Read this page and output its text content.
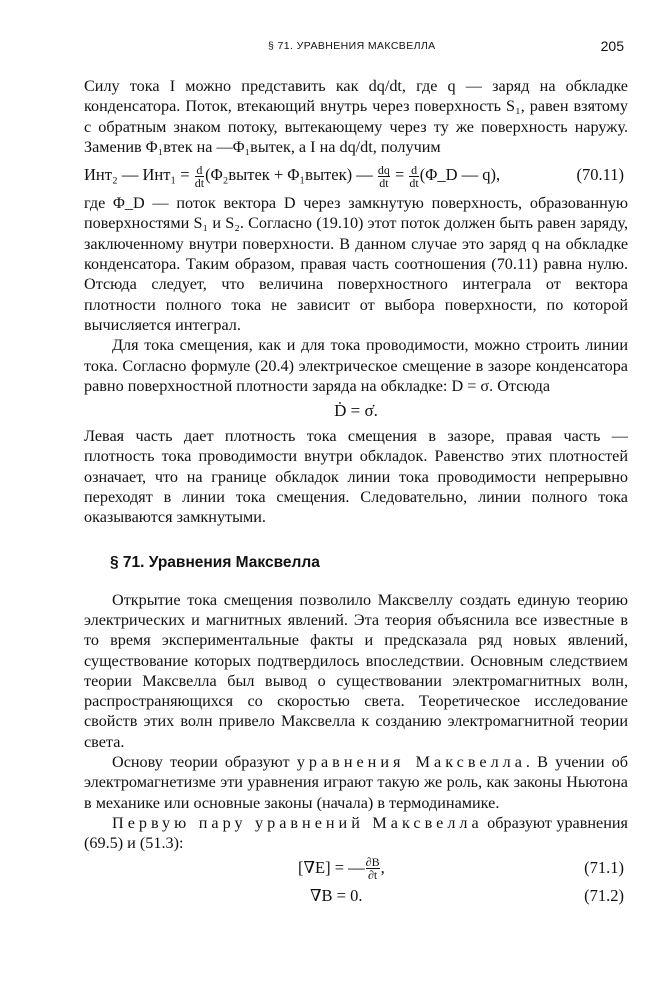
§ 71. УРАВНЕНИЯ МАКСВЕЛЛА	205

Силу тока I можно представить как dq/dt, где q — заряд на обкладке конденсатора. Поток, втекающий внутрь через поверхность S₁, равен взятому с обратным знаком потоку, вытекающему через ту же поверхность наружу. Заменив Φ₁втек на —Φ₁вытек, а I на dq/dt, получим

Инт₂ — $Инт_1 = \frac{d}{dt}$ (Φ₂вытек + Φ₁вытек) — $\frac{dq}{dt} = \frac{d}{dt}$ (Φ_D — q),	(70.11)

где Φ_D — поток вектора D через замкнутую поверхность, образованную поверхностями S₁ и S₂. Согласно (19.10) этот поток должен быть равен заряду, заключенному внутри поверхности. В данном случае это заряд q на обкладке конденсатора. Таким образом, правая часть соотношения (70.11) равна нулю. Отсюда следует, что величина поверхностного интеграла от вектора плотности полного тока не зависит от выбора поверхности, по которой вычисляется интеграл.

Для тока смещения, как и для тока проводимости, можно строить линии тока. Согласно формуле (20.4) электрическое смещение в зазоре конденсатора равно поверхностной плотности заряда на обкладке: D = σ. Отсюда

Ḋ = σ̇.

Левая часть дает плотность тока смещения в зазоре, правая часть — плотность тока проводимости внутри обкладок. Равенство этих плотностей означает, что на границе обкладок линии тока проводимости непрерывно переходят в линии тока смещения. Следовательно, линии полного тока оказываются замкнутыми.

§ 71. Уравнения Максвелла

Открытие тока смещения позволило Максвеллу создать единую теорию электрических и магнитных явлений. Эта теория объяснила все известные в то время экспериментальные факты и предсказала ряд новых явлений, существование которых подтвердилось впоследствии. Основным следствием теории Максвелла был вывод о существовании электромагнитных волн, распространяющихся со скоростью света. Теоретическое исследование свойств этих волн привело Максвелла к созданию электромагнитной теории света.

Основу теории образуют уравнения Максвелла. В учении об электромагнетизме эти уравнения играют такую же роль, как законы Ньютона в механике или основные законы (начала) в термодинамике.

Первую пару уравнений Максвелла образуют уравнения (69.5) и (51.3):

[∇E] = — $\frac{\partial B}{\partial t}$ ,	(71.1)
∇B = 0.	(71.2)
